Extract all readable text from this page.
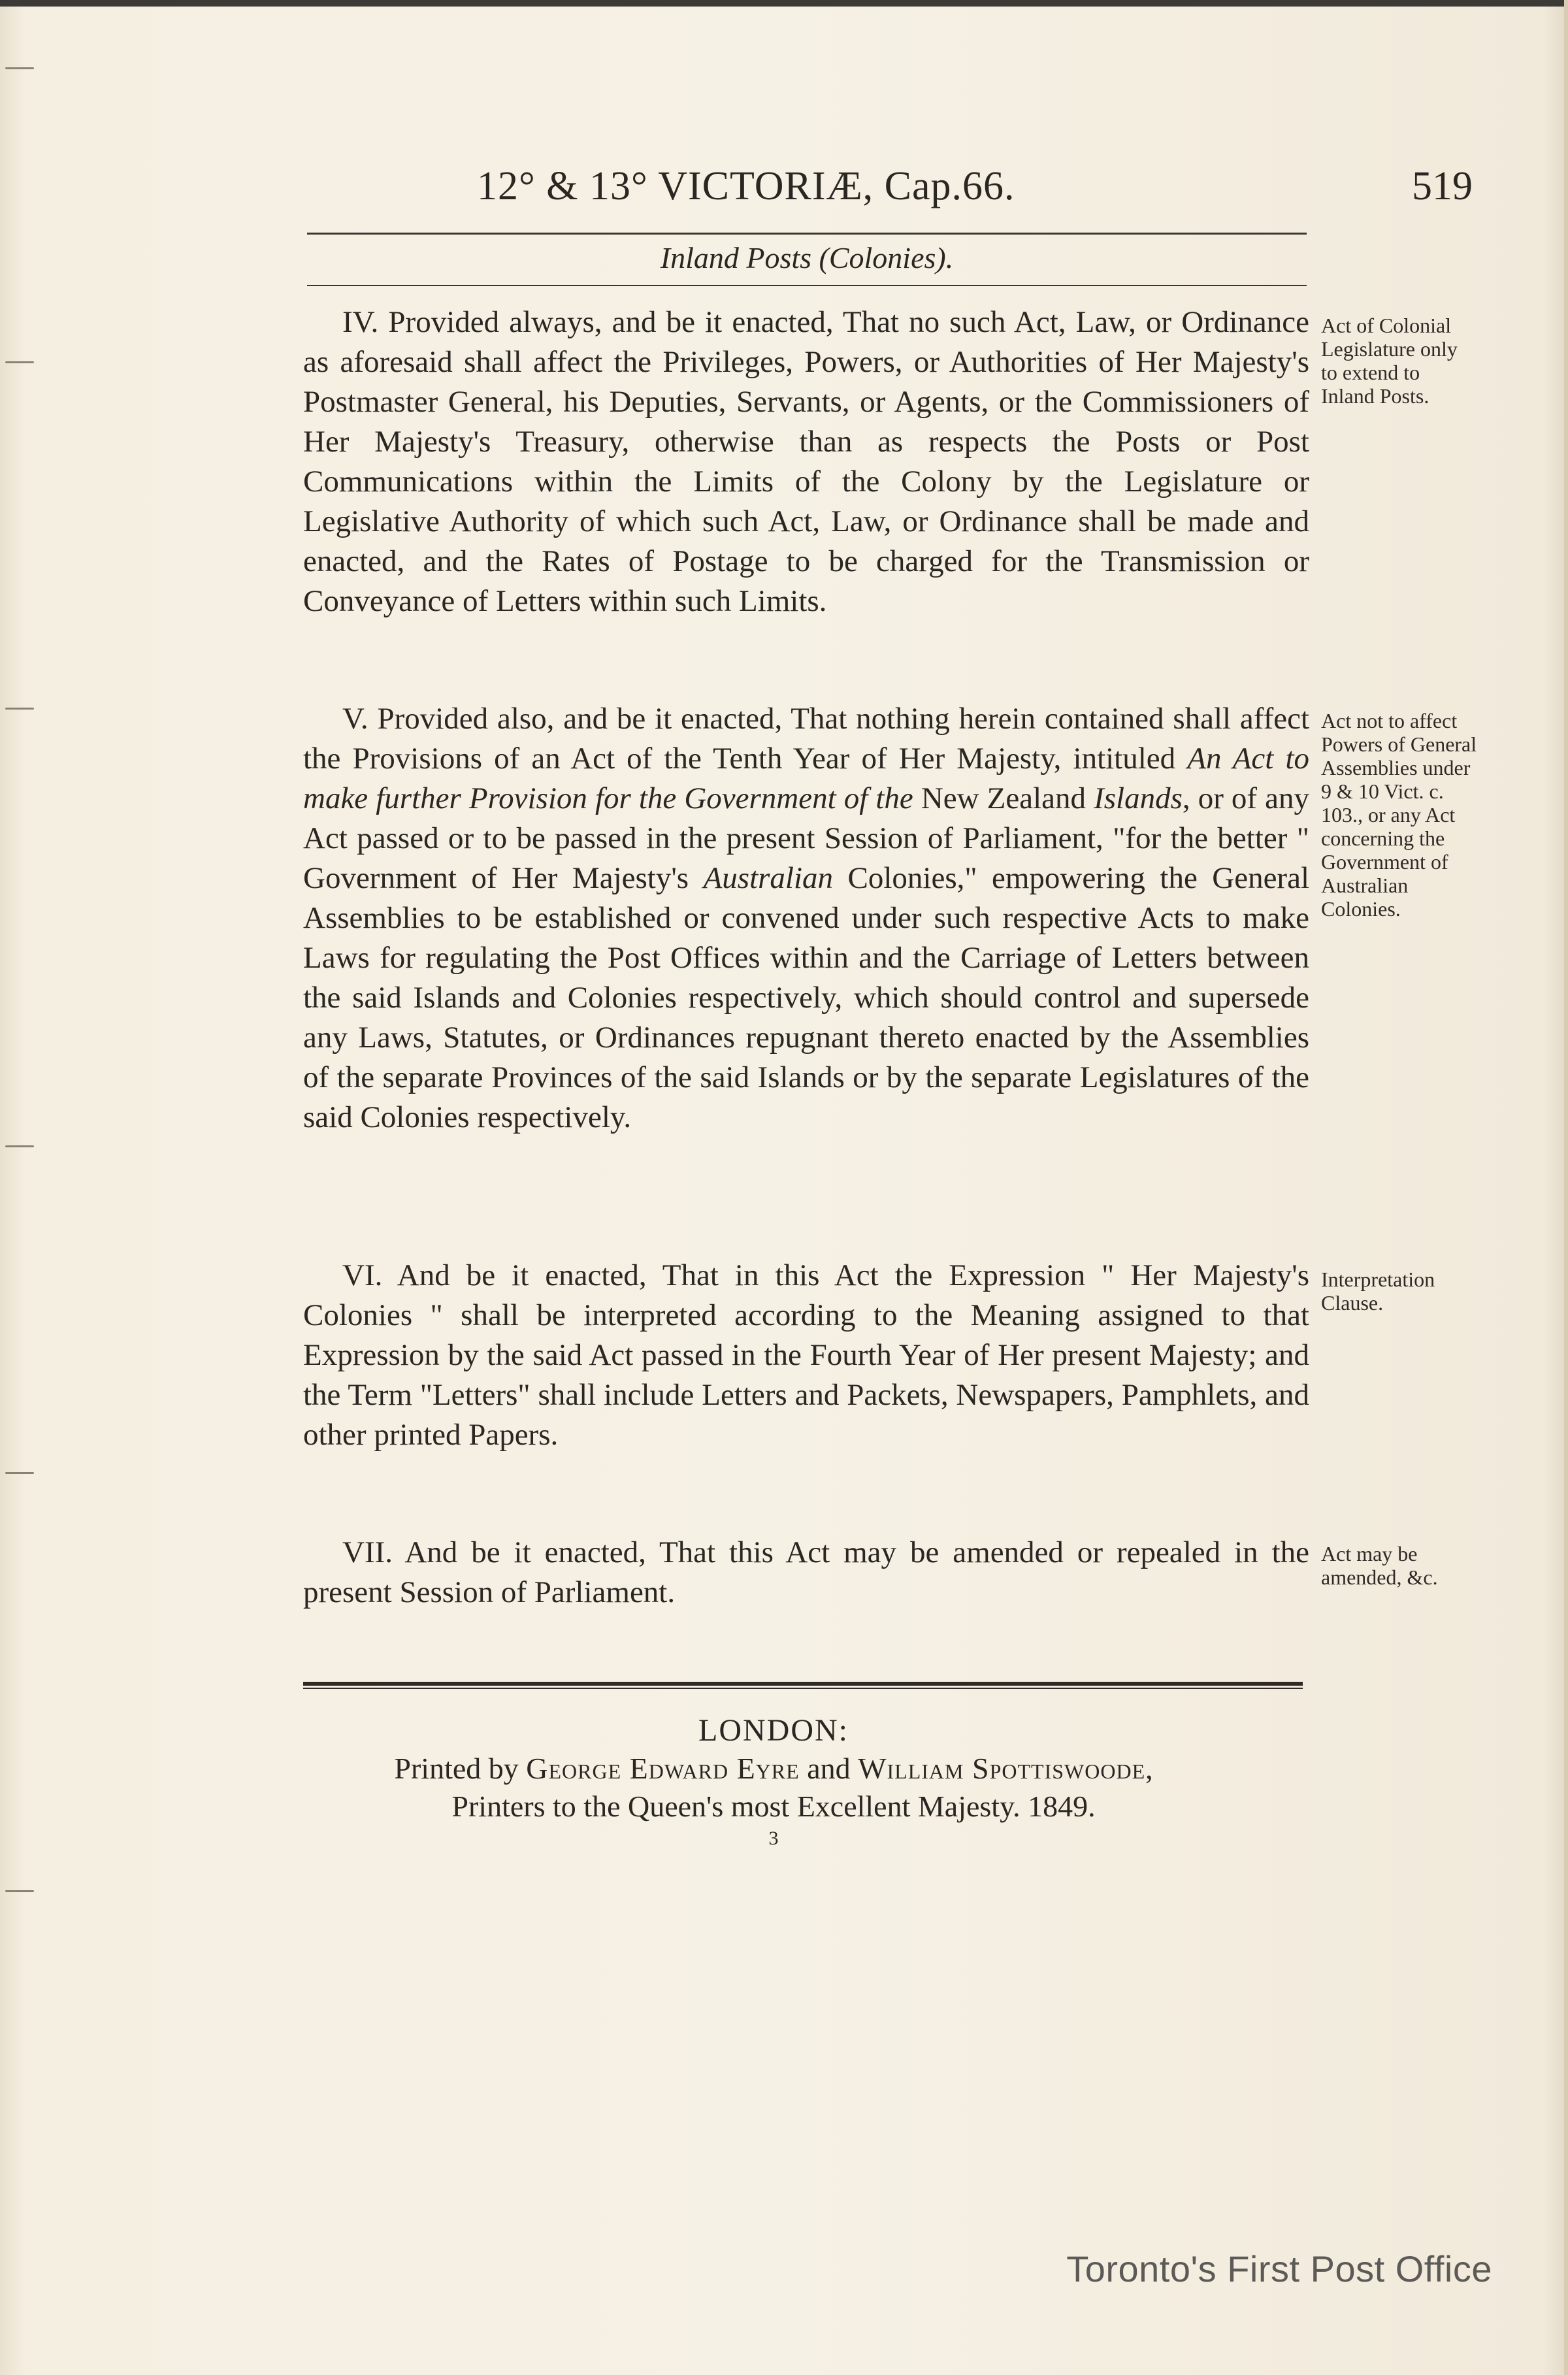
12° & 13° VICTORIÆ, Cap.66.	519
Inland Posts (Colonies).

IV. Provided always, and be it enacted, That no such Act, Law, or Ordinance as aforesaid shall affect the Privileges, Powers, or Authorities of Her Majesty's Postmaster General, his Deputies, Servants, or Agents, or the Commissioners of Her Majesty's Treasury, otherwise than as respects the Posts or Post Communications within the Limits of the Colony by the Legislature or Legislative Authority of which such Act, Law, or Ordinance shall be made and enacted, and the Rates of Postage to be charged for the Transmission or Conveyance of Letters within such Limits.

Act of Colonial Legislature only to extend to Inland Posts.

V. Provided also, and be it enacted, That nothing herein contained shall affect the Provisions of an Act of the Tenth Year of Her Majesty, intituled An Act to make further Provision for the Government of the New Zealand Islands, or of any Act passed or to be passed in the present Session of Parliament, "for the better " Government of Her Majesty's Australian Colonies," empowering the General Assemblies to be established or convened under such respective Acts to make Laws for regulating the Post Offices within and the Carriage of Letters between the said Islands and Colonies respectively, which should control and supersede any Laws, Statutes, or Ordinances repugnant thereto enacted by the Assemblies of the separate Provinces of the said Islands or by the separate Legislatures of the said Colonies respectively.

Act not to affect Powers of General Assemblies under 9 & 10 Vict. c. 103., or any Act concerning the Government of Australian Colonies.

VI. And be it enacted, That in this Act the Expression " Her Majesty's Colonies " shall be interpreted according to the Meaning assigned to that Expression by the said Act passed in the Fourth Year of Her present Majesty; and the Term "Letters" shall include Letters and Packets, Newspapers, Pamphlets, and other printed Papers.

Interpretation Clause.

VII. And be it enacted, That this Act may be amended or repealed in the present Session of Parliament.

Act may be amended, &c.
LONDON:
Printed by George Edward Eyre and William Spottiswoode,
Printers to the Queen's most Excellent Majesty. 1849.
3
Toronto's First Post Office
